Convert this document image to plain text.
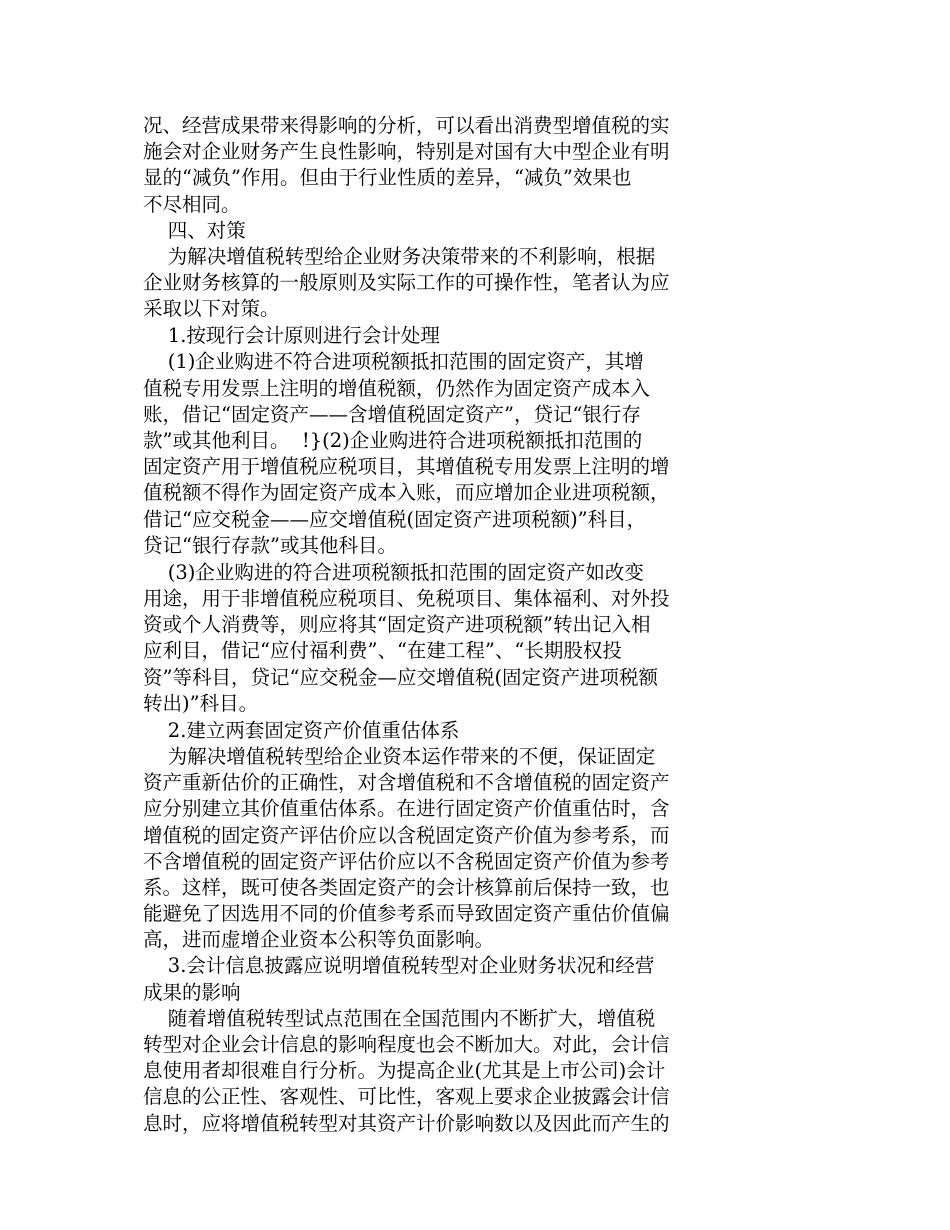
况、经营成果带来得影响的分析，可以看出消费型增值税的实
施会对企业财务产生良性影响，特别是对国有大中型企业有明
显的“减负”作用。但由于行业性质的差异，“减负”效果也
不尽相同。
四、对策
为解决增值税转型给企业财务决策带来的不利影响，根据
企业财务核算的一般原则及实际工作的可操作性，笔者认为应
采取以下对策。
1.按现行会计原则进行会计处理
(1)企业购进不符合进项税额抵扣范围的固定资产，其增
值税专用发票上注明的增值税额，仍然作为固定资产成本入
账，借记“固定资产——含增值税固定资产”，贷记“银行存
款”或其他利目。  !}(2)企业购进符合进项税额抵扣范围的
固定资产用于增值税应税项目，其增值税专用发票上注明的增
值税额不得作为固定资产成本入账，而应增加企业进项税额，
借记“应交税金——应交增值税(固定资产进项税额)”科目，
贷记“银行存款”或其他科目。
(3)企业购进的符合进项税额抵扣范围的固定资产如改变
用途，用于非增值税应税项目、免税项目、集体福利、对外投
资或个人消费等，则应将其“固定资产进项税额”转出记入相
应利目，借记“应付福利费”、“在建工程”、“长期股权投
资”等科目，贷记“应交税金—应交增值税(固定资产进项税额
转出)”科目。
2.建立两套固定资产价值重估体系
为解决增值税转型给企业资本运作带来的不便，保证固定
资产重新估价的正确性，对含增值税和不含增值税的固定资产
应分别建立其价值重估体系。在进行固定资产价值重估时，含
增值税的固定资产评估价应以含税固定资产价值为参考系，而
不含增值税的固定资产评估价应以不含税固定资产价值为参考
系。这样，既可使各类固定资产的会计核算前后保持一致，也
能避免了因选用不同的价值参考系而导致固定资产重估价值偏
高，进而虚增企业资本公积等负面影响。
3.会计信息披露应说明增值税转型对企业财务状况和经营
成果的影响
随着增值税转型试点范围在全国范围内不断扩大，增值税
转型对企业会计信息的影响程度也会不断加大。对此，会计信
息使用者却很难自行分析。为提高企业(尤其是上市公司)会计
信息的公正性、客观性、可比性，客观上要求企业披露会计信
息时，应将增值税转型对其资产计价影响数以及因此而产生的
